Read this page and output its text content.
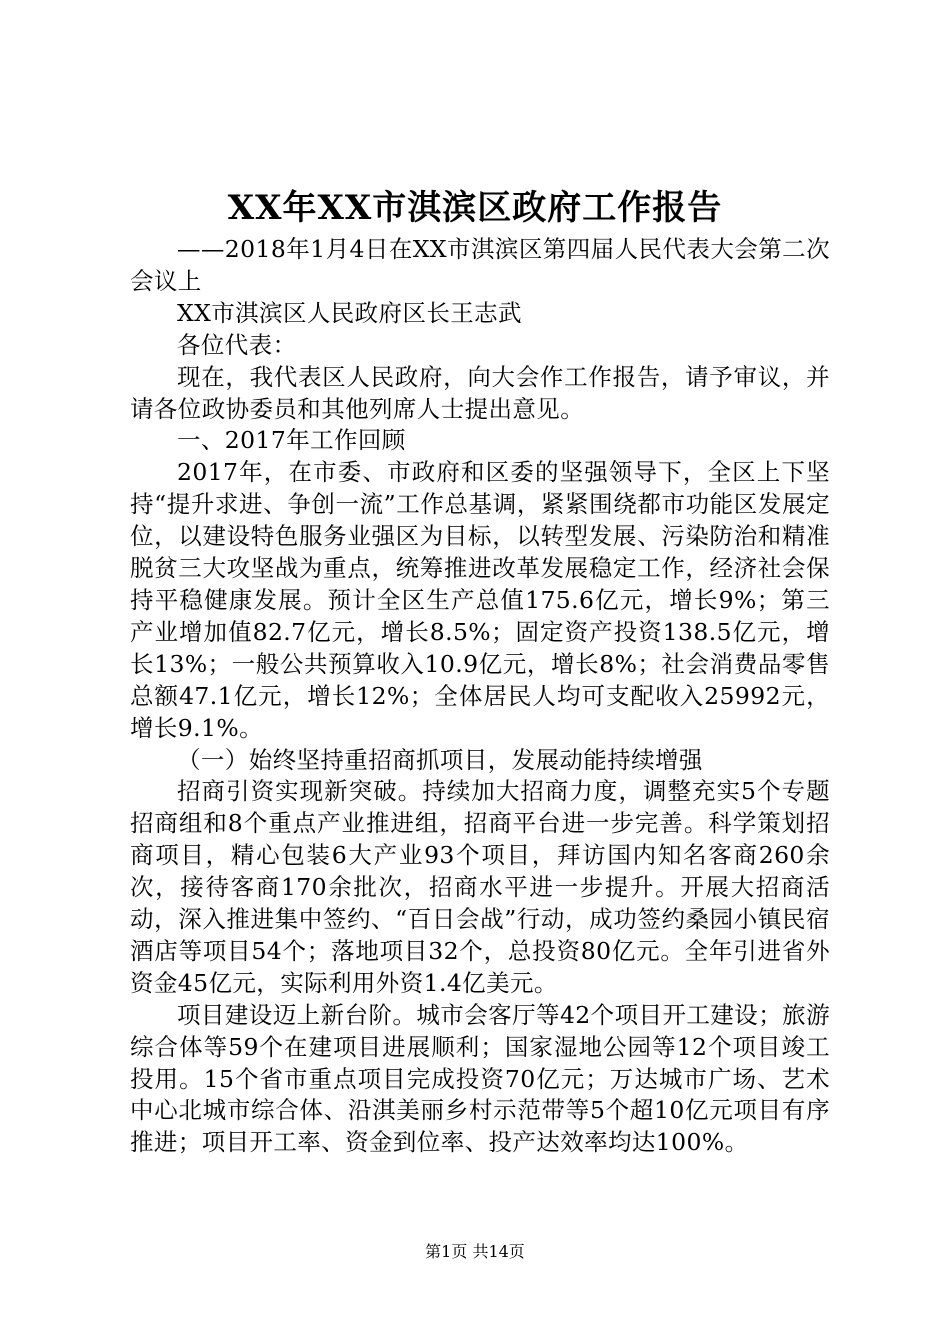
XX年XX市淇滨区政府工作报告

——2018年1月4日在XX市淇滨区第四届人民代表大会第二次会议上

XX市淇滨区人民政府区长王志武

各位代表：

现在，我代表区人民政府，向大会作工作报告，请予审议，并请各位政协委员和其他列席人士提出意见。

一、2017年工作回顾

2017年，在市委、市政府和区委的坚强领导下，全区上下坚持“提升求进、争创一流”工作总基调，紧紧围绕都市功能区发展定位，以建设特色服务业强区为目标，以转型发展、污染防治和精准脱贫三大攻坚战为重点，统筹推进改革发展稳定工作，经济社会保持平稳健康发展。预计全区生产总值175.6亿元，增长9%；第三产业增加值82.7亿元，增长8.5%；固定资产投资138.5亿元，增长13%；一般公共预算收入10.9亿元，增长8%；社会消费品零售总额47.1亿元，增长12%；全体居民人均可支配收入25992元，增长9.1%。

（一）始终坚持重招商抓项目，发展动能持续增强

招商引资实现新突破。持续加大招商力度，调整充实5个专题招商组和8个重点产业推进组，招商平台进一步完善。科学策划招商项目，精心包装6大产业93个项目，拜访国内知名客商260余次，接待客商170余批次，招商水平进一步提升。开展大招商活动，深入推进集中签约、“百日会战”行动，成功签约桑园小镇民宿酒店等项目54个；落地项目32个，总投资80亿元。全年引进省外资金45亿元，实际利用外资1.4亿美元。

项目建设迈上新台阶。城市会客厅等42个项目开工建设；旅游综合体等59个在建项目进展顺利；国家湿地公园等12个项目竣工投用。15个省市重点项目完成投资70亿元；万达城市广场、艺术中心北城市综合体、沿淇美丽乡村示范带等5个超10亿元项目有序推进；项目开工率、资金到位率、投产达效率均达100%。

第1页 共14页
